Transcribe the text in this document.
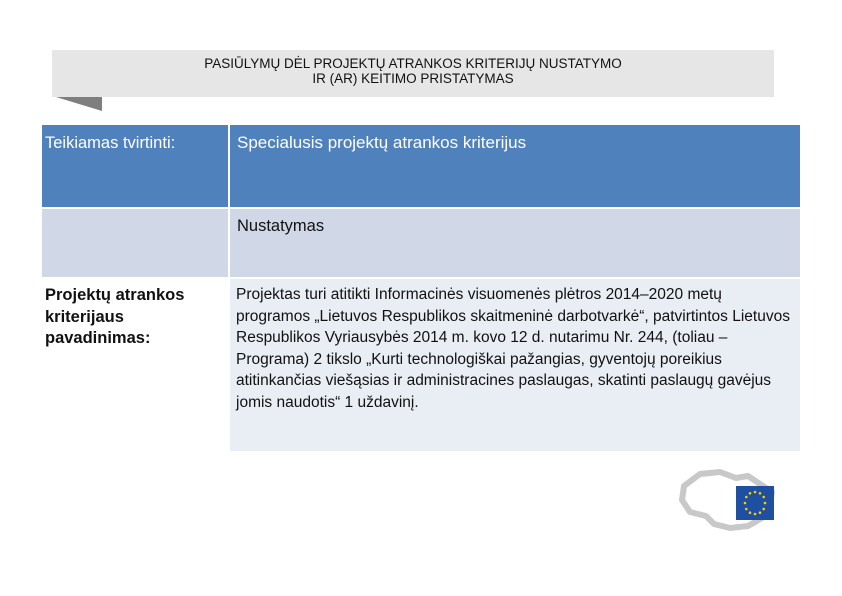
PASIŪLYMŲ DĖL PROJEKTŲ ATRANKOS KRITERIJŲ NUSTATYMO
IR (AR) KEITIMO PRISTATYMAS
Teikiamas tvirtinti:	Specialusis projektų atrankos kriterijus
Nustatymas
Projektų atrankos kriterijaus pavadinimas:
Projektas turi atitikti Informacinės visuomenės plėtros 2014–2020 metų programos „Lietuvos Respublikos skaitmeninė darbotvarkė“, patvirtintos Lietuvos Respublikos Vyriausybės 2014 m. kovo 12 d. nutarimu Nr. 244, (toliau – Programa) 2 tikslo „Kurti technologiškai pažangias, gyventojų poreikius atitinkančias viešąsias ir administracines paslaugas, skatinti paslaugų gavėjus jomis naudotis“ 1 uždavinį.
